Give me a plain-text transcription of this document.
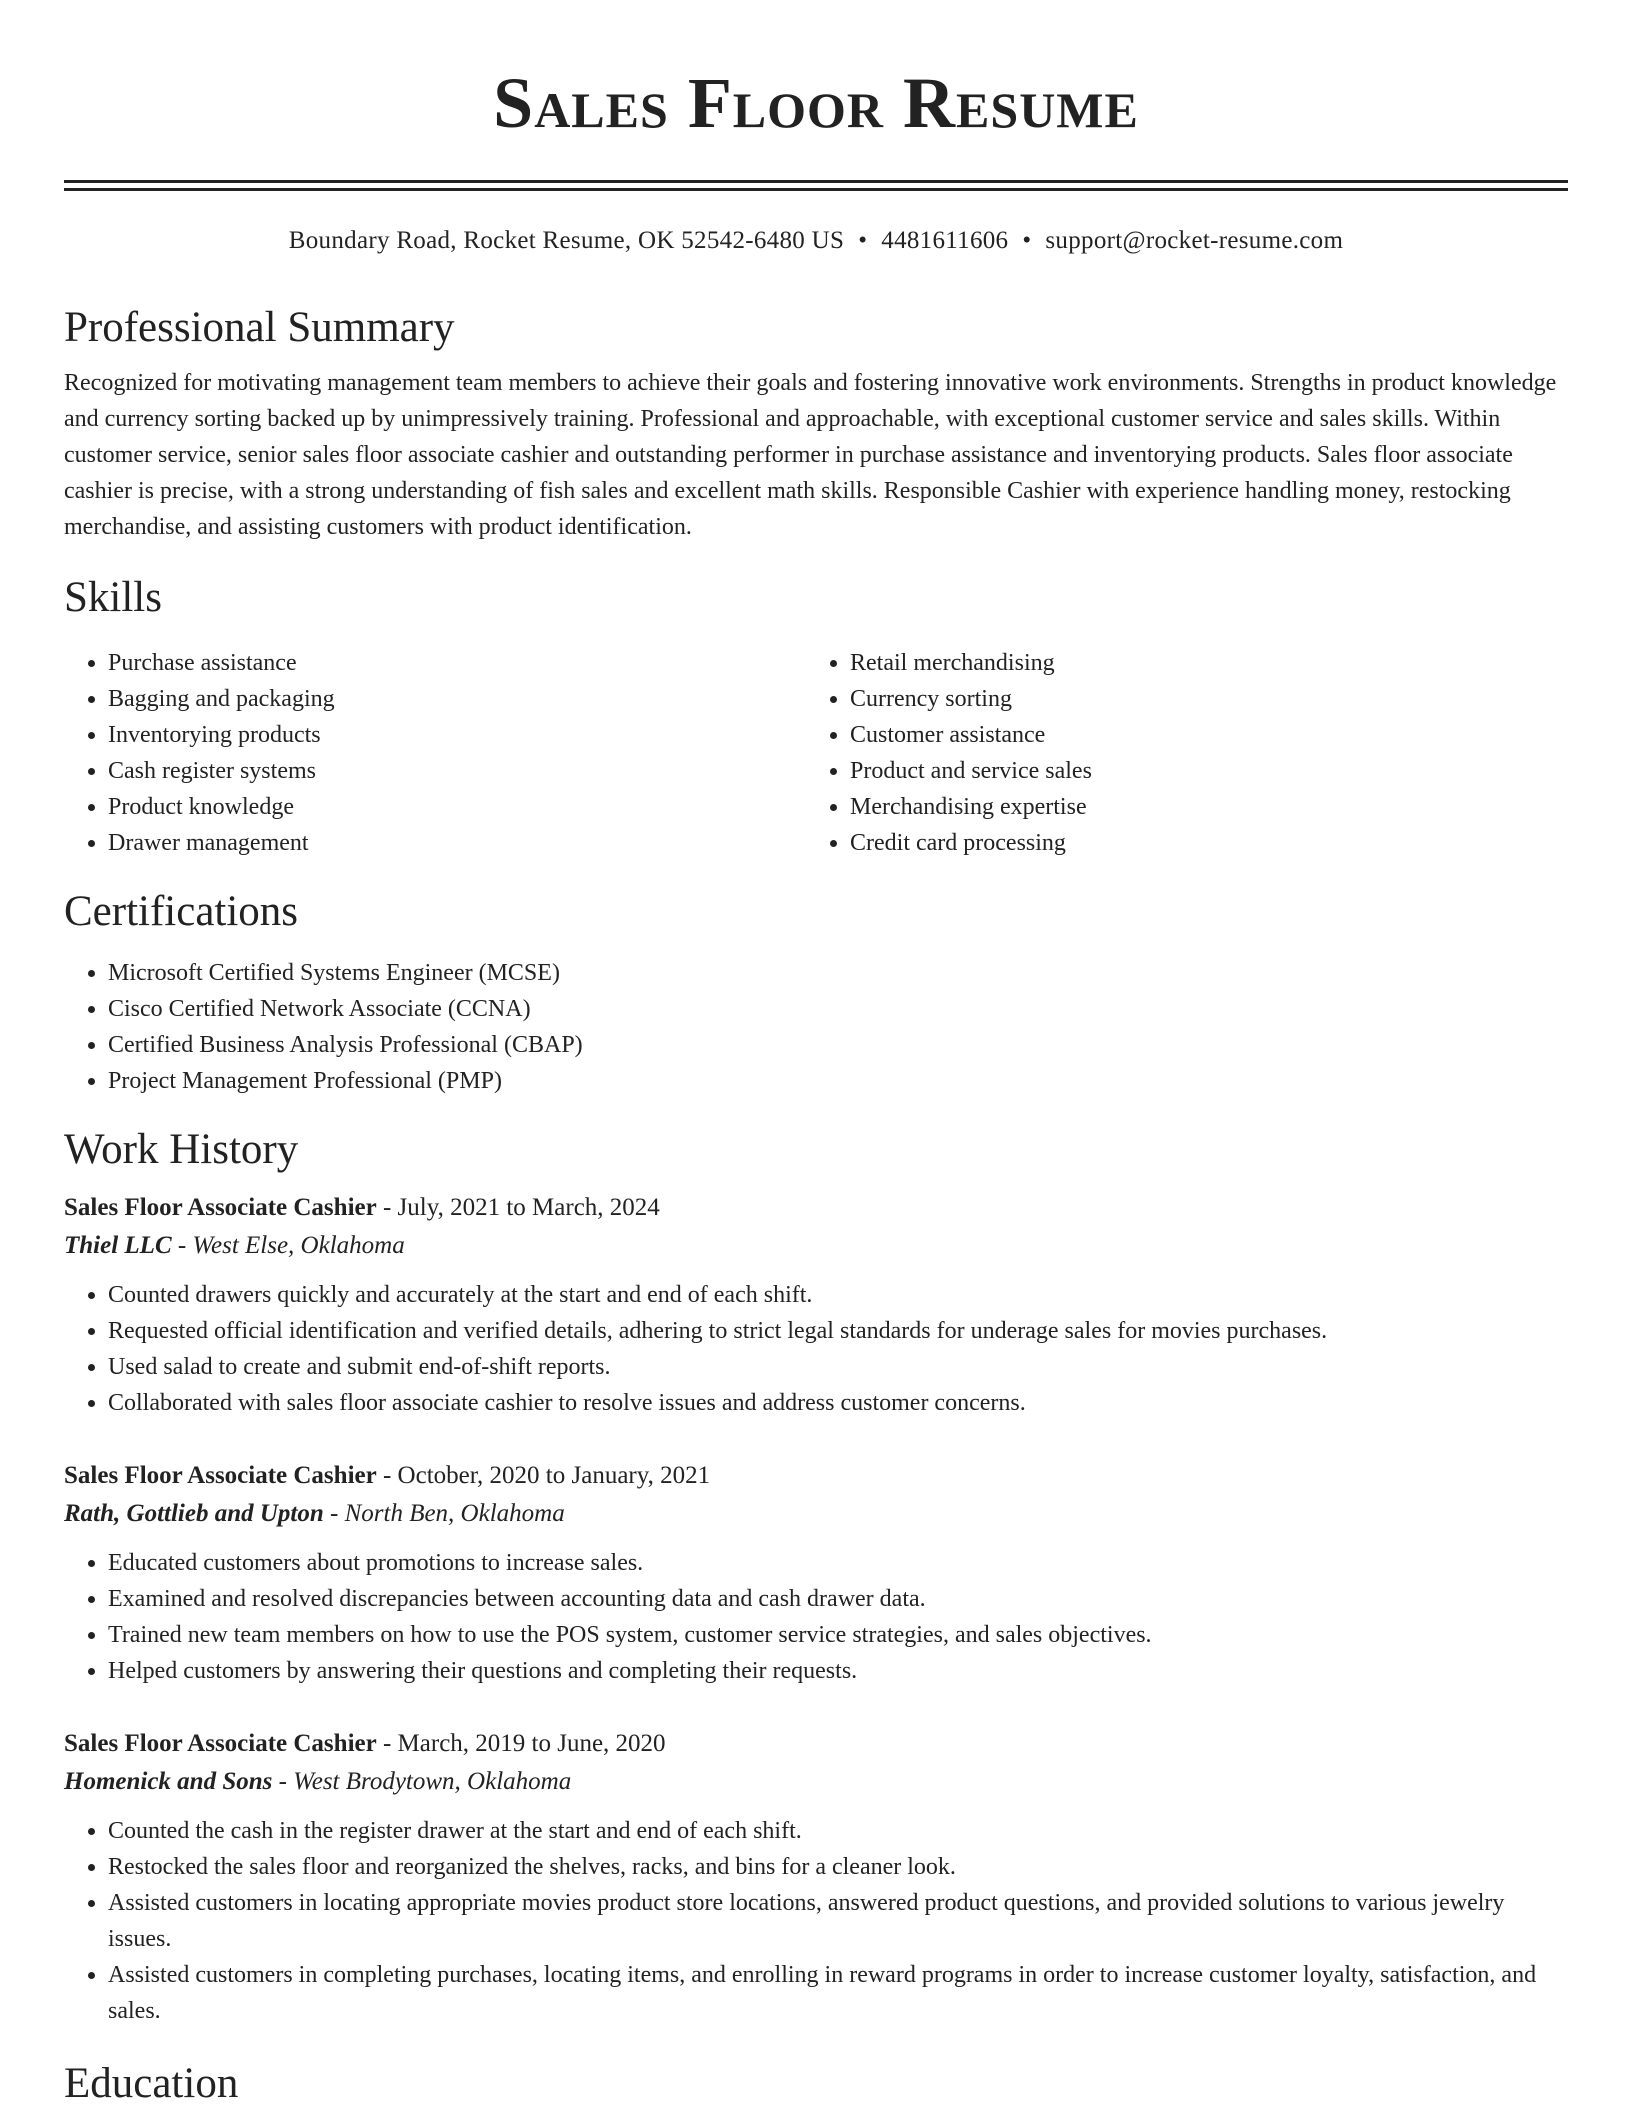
Sales Floor Resume
Boundary Road, Rocket Resume, OK 52542-6480 US • 4481611606 • support@rocket-resume.com
Professional Summary
Recognized for motivating management team members to achieve their goals and fostering innovative work environments. Strengths in product knowledge and currency sorting backed up by unimpressively training. Professional and approachable, with exceptional customer service and sales skills. Within customer service, senior sales floor associate cashier and outstanding performer in purchase assistance and inventorying products. Sales floor associate cashier is precise, with a strong understanding of fish sales and excellent math skills. Responsible Cashier with experience handling money, restocking merchandise, and assisting customers with product identification.
Skills
• Purchase assistance
• Bagging and packaging
• Inventorying products
• Cash register systems
• Product knowledge
• Drawer management
• Retail merchandising
• Currency sorting
• Customer assistance
• Product and service sales
• Merchandising expertise
• Credit card processing
Certifications
• Microsoft Certified Systems Engineer (MCSE)
• Cisco Certified Network Associate (CCNA)
• Certified Business Analysis Professional (CBAP)
• Project Management Professional (PMP)
Work History
Sales Floor Associate Cashier - July, 2021 to March, 2024
Thiel LLC - West Else, Oklahoma
• Counted drawers quickly and accurately at the start and end of each shift.
• Requested official identification and verified details, adhering to strict legal standards for underage sales for movies purchases.
• Used salad to create and submit end-of-shift reports.
• Collaborated with sales floor associate cashier to resolve issues and address customer concerns.
Sales Floor Associate Cashier - October, 2020 to January, 2021
Rath, Gottlieb and Upton - North Ben, Oklahoma
• Educated customers about promotions to increase sales.
• Examined and resolved discrepancies between accounting data and cash drawer data.
• Trained new team members on how to use the POS system, customer service strategies, and sales objectives.
• Helped customers by answering their questions and completing their requests.
Sales Floor Associate Cashier - March, 2019 to June, 2020
Homenick and Sons - West Brodytown, Oklahoma
• Counted the cash in the register drawer at the start and end of each shift.
• Restocked the sales floor and reorganized the shelves, racks, and bins for a cleaner look.
• Assisted customers in locating appropriate movies product store locations, answered product questions, and provided solutions to various jewelry issues.
• Assisted customers in completing purchases, locating items, and enrolling in reward programs in order to increase customer loyalty, satisfaction, and sales.
Education
